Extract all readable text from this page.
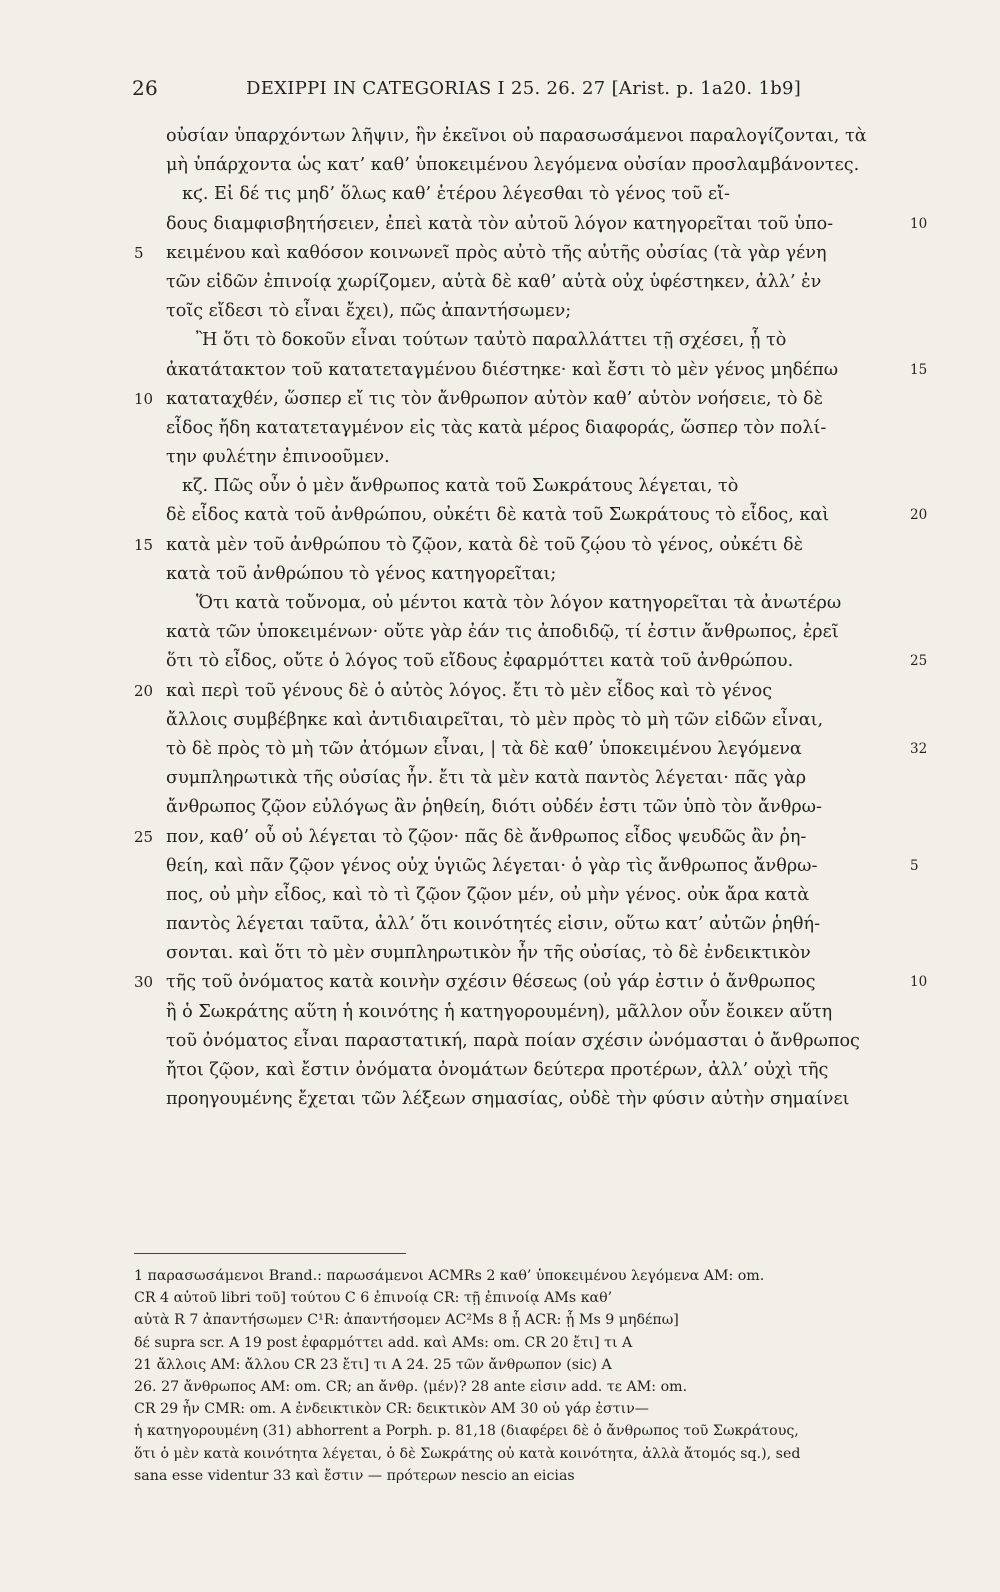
26	DEXIPPI IN CATEGORIAS I 25. 26. 27 [Arist. p. 1a20. 1b9]
οὐσίαν ὑπαρχόντων λῆψιν, ἣν ἐκεῖνοι οὐ παρασωσάμενοι παραλογίζονται, τὰ
μὴ ὑπάρχοντα ὡς κατ’ καθ’ ὑποκειμένου λεγόμενα οὐσίαν προσλαμβάνοντες.
κϛ. Εἰ δέ τις μηδ’ ὅλως καθ’ ἑτέρου λέγεσθαι τὸ γένος τοῦ εἴ-
δους διαμφισβητήσειεν, ἐπεὶ κατὰ τὸν αὐτοῦ λόγον κατηγορεῖται τοῦ ὑπο-	10
5 κειμένου καὶ καθόσον κοινωνεῖ πρὸς αὐτὸ τῆς αὐτῆς οὐσίας (τὰ γὰρ γένη
τῶν εἰδῶν ἐπινοίᾳ χωρίζομεν, αὐτὰ δὲ καθ’ αὐτὰ οὐχ ὑφέστηκεν, ἀλλ’ ἐν
τοῖς εἴδεσι τὸ εἶναι ἔχει), πῶς ἀπαντήσωμεν;
Ἢ ὅτι τὸ δοκοῦν εἶναι τούτων ταὐτὸ παραλλάττει τῇ σχέσει, ᾗ τὸ
ἀκατάτακτον τοῦ κατατεταγμένου διέστηκε· καὶ ἔστι τὸ μὲν γένος μηδέπω	15
10 καταταχθέν, ὥσπερ εἴ τις τὸν ἄνθρωπον αὐτὸν καθ’ αὑτὸν νοήσειε, τὸ δὲ
εἶδος ἤδη κατατεταγμένον εἰς τὰς κατὰ μέρος διαφοράς, ὥσπερ τὸν πολί-
την φυλέτην ἐπινοοῦμεν.
κζ. Πῶς οὖν ὁ μὲν ἄνθρωπος κατὰ τοῦ Σωκράτους λέγεται, τὸ
δὲ εἶδος κατὰ τοῦ ἀνθρώπου, οὐκέτι δὲ κατὰ τοῦ Σωκράτους τὸ εἶδος, καὶ	20
15 κατὰ μὲν τοῦ ἀνθρώπου τὸ ζῷον, κατὰ δὲ τοῦ ζῴου τὸ γένος, οὐκέτι δὲ
κατὰ τοῦ ἀνθρώπου τὸ γένος κατηγορεῖται;
Ὅτι κατὰ τοὔνομα, οὐ μέντοι κατὰ τὸν λόγον κατηγορεῖται τὰ ἀνωτέρω
κατὰ τῶν ὑποκειμένων· οὔτε γὰρ ἐάν τις ἀποδιδῷ, τί ἐστιν ἄνθρωπος, ἐρεῖ
ὅτι τὸ εἶδος, οὔτε ὁ λόγος τοῦ εἴδους ἐφαρμόττει κατὰ τοῦ ἀνθρώπου.	25
20 καὶ περὶ τοῦ γένους δὲ ὁ αὐτὸς λόγος. ἔτι τὸ μὲν εἶδος καὶ τὸ γένος
ἄλλοις συμβέβηκε καὶ ἀντιδιαιρεῖται, τὸ μὲν πρὸς τὸ μὴ τῶν εἰδῶν εἶναι,
τὸ δὲ πρὸς τὸ μὴ τῶν ἀτόμων εἶναι, | τὰ δὲ καθ’ ὑποκειμένου λεγόμενα	32
συμπληρωτικὰ τῆς οὐσίας ἦν. ἔτι τὰ μὲν κατὰ παντὸς λέγεται· πᾶς γὰρ
ἄνθρωπος ζῷον εὐλόγως ἂν ῥηθείη, διότι οὐδέν ἐστι τῶν ὑπὸ τὸν ἄνθρω-
25 πον, καθ’ οὗ οὐ λέγεται τὸ ζῷον· πᾶς δὲ ἄνθρωπος εἶδος ψευδῶς ἂν ῥη-
θείη, καὶ πᾶν ζῷον γένος οὐχ ὑγιῶς λέγεται· ὁ γὰρ τὶς ἄνθρωπος ἄνθρω-	5
πος, οὐ μὴν εἶδος, καὶ τὸ τὶ ζῷον ζῷον μέν, οὐ μὴν γένος. οὐκ ἄρα κατὰ
παντὸς λέγεται ταῦτα, ἀλλ’ ὅτι κοινότητές εἰσιν, οὕτω κατ’ αὐτῶν ῥηθή-
σονται. καὶ ὅτι τὸ μὲν συμπληρωτικὸν ἦν τῆς οὐσίας, τὸ δὲ ἐνδεικτικὸν
30 τῆς τοῦ ὀνόματος κατὰ κοινὴν σχέσιν θέσεως (οὐ γάρ ἐστιν ὁ ἄνθρωπος	10
ἢ ὁ Σωκράτης αὕτη ἡ κοινότης ἡ κατηγορουμένη), μᾶλλον οὖν ἔοικεν αὕτη
τοῦ ὀνόματος εἶναι παραστατική, παρὰ ποίαν σχέσιν ὠνόμασται ὁ ἄνθρωπος
ἤτοι ζῷον, καὶ ἔστιν ὀνόματα ὀνομάτων δεύτερα προτέρων, ἀλλ’ οὐχὶ τῆς
προηγουμένης ἔχεται τῶν λέξεων σημασίας, οὐδὲ τὴν φύσιν αὐτὴν σημαίνει
1 παρασωσάμενοι Brand.: παρωσάμενοι ACMRs 2 καθ’ ὑποκειμένου λεγόμενα AM: om.
CR 4 αὐτοῦ libri τοῦ] τούτου C 6 ἐπινοίᾳ CR: τῇ ἐπινοίᾳ AMs καθ’
αὐτὰ R 7 ἀπαντήσωμεν C¹R: ἀπαντήσομεν AC²Ms 8 ᾗ ACR: ᾗ Ms 9 μηδέπω]
δέ supra scr. A 19 post ἐφαρμόττει add. καὶ AMs: om. CR 20 ἔτι] τι A
21 ἄλλοις AM: ἄλλου CR 23 ἔτι] τι A 24. 25 τῶν ἄνθρωπον (sic) A
26. 27 ἄνθρωπος AM: om. CR; an ἄνθρ. ⟨μέν⟩? 28 ante εἰσιν add. τε AM: om.
CR 29 ἦν CMR: om. A ἐνδεικτικὸν CR: δεικτικὸν AM 30 οὐ γάρ ἐστιν—
ἡ κατηγορουμένη (31) abhorrent a Porph. p. 81,18 (διαφέρει δὲ ὁ ἄνθρωπος τοῦ Σωκράτους,
ὅτι ὁ μὲν κατὰ κοινότητα λέγεται, ὁ δὲ Σωκράτης οὐ κατὰ κοινότητα, ἀλλὰ ἄτομός sq.), sed
sana esse videntur 33 καὶ ἔστιν — πρότερων nescio an eicias
